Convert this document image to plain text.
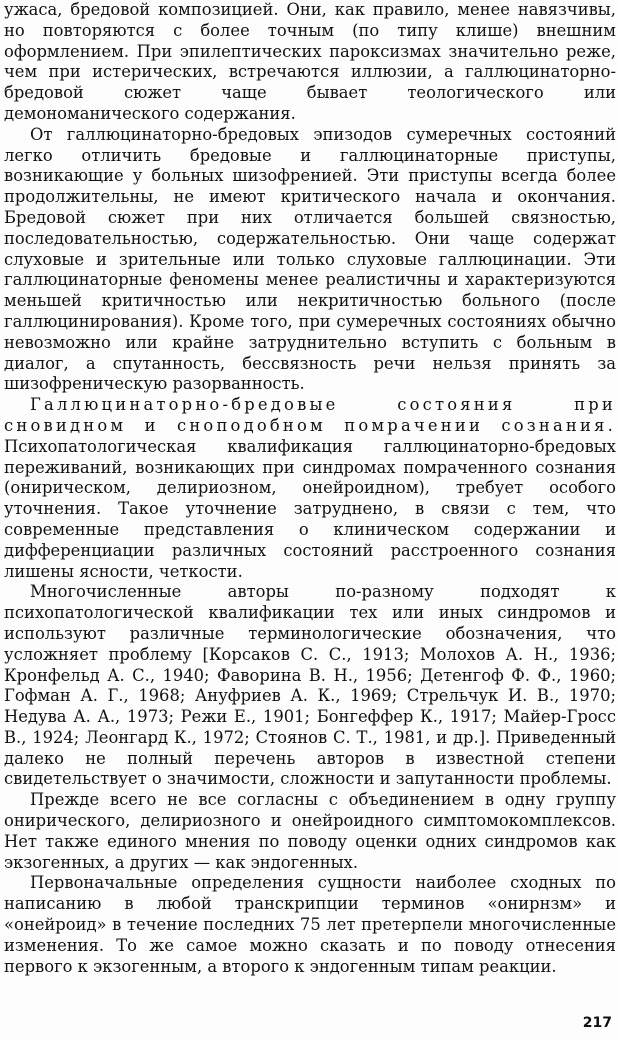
ужаса, бредовой композицией. Они, как правило, менее навязчивы, но повторяются с более точным (по типу клише) внешним оформлением. При эпилептических пароксизмах значительно реже, чем при истерических, встречаются иллюзии, а галлюцинаторно-бредовой сюжет чаще бывает теологического или демономанического содержания.

От галлюцинаторно-бредовых эпизодов сумеречных состояний легко отличить бредовые и галлюцинаторные приступы, возникающие у больных шизофренией. Эти приступы всегда более продолжительны, не имеют критического начала и окончания. Бредовой сюжет при них отличается большей связностью, последовательностью, содержательностью. Они чаще содержат слуховые и зрительные или только слуховые галлюцинации. Эти галлюцинаторные феномены менее реалистичны и характеризуются меньшей критичностью или некритичностью больного (после галлюцинирования). Кроме того, при сумеречных состояниях обычно невозможно или крайне затруднительно вступить с больным в диалог, а спутанность, бессвязность речи нельзя принять за шизофреническую разорванность.

Галлюцинаторно-бредовые состояния при сновидном и сноподобном помрачении сознания. Психопатологическая квалификация галлюцинаторно-бредовых переживаний, возникающих при синдромах помраченного сознания (онирическом, делириозном, онейроидном), требует особого уточнения. Такое уточнение затруднено, в связи с тем, что современные представления о клиническом содержании и дифференциации различных состояний расстроенного сознания лишены ясности, четкости.

Многочисленные авторы по-разному подходят к психопатологической квалификации тех или иных синдромов и используют различные терминологические обозначения, что усложняет проблему [Корсаков С. С., 1913; Молохов А. Н., 1936; Кронфельд А. С., 1940; Фаворина В. Н., 1956; Детенгоф Ф. Ф., 1960; Гофман А. Г., 1968; Ануфриев А. К., 1969; Стрельчук И. В., 1970; Недува А. А., 1973; Режи Е., 1901; Бонгеффер К., 1917; Майер-Гросс В., 1924; Леонгард К., 1972; Стоянов С. Т., 1981, и др.]. Приведенный далеко не полный перечень авторов в известной степени свидетельствует о значимости, сложности и запутанности проблемы.

Прежде всего не все согласны с объединением в одну группу онирического, делириозного и онейроидного симптомокомплексов. Нет также единого мнения по поводу оценки одних синдромов как экзогенных, а других — как эндогенных.

Первоначальные определения сущности наиболее сходных по написанию в любой транскрипции терминов «онирнзм» и «онейроид» в течение последних 75 лет претерпели многочисленные изменения. То же самое можно сказать и по поводу отнесения первого к экзогенным, а второго к эндогенным типам реакции.

217
